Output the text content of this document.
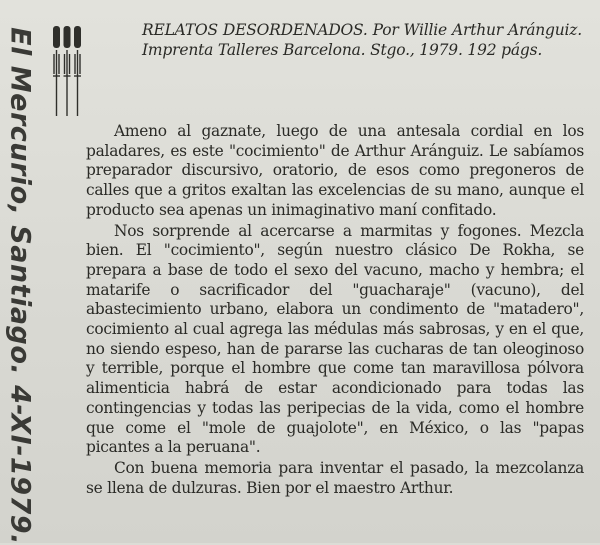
El Mercurio, Santiago. 4-XI-1979.	RELATOS DESORDENADOS. Por Willie Arthur Aránguiz. Imprenta Talleres Barcelona. Stgo., 1979. 192 págs.

Ameno al gaznate, luego de una antesala cordial en los paladares, es este "cocimiento" de Arthur Aránguiz. Le sabíamos preparador discursivo, oratorio, de esos como pregoneros de calles que a gritos exaltan las excelencias de su mano, aunque el producto sea apenas un inimaginativo maní confitado.

Nos sorprende al acercarse a marmitas y fogones. Mezcla bien. El "cocimiento", según nuestro clásico De Rokha, se prepara a base de todo el sexo del vacuno, macho y hembra; el matarife o sacrificador del "guacharaje" (vacuno), del abastecimiento urbano, elabora un condimento de "matadero", cocimiento al cual agrega las médulas más sabrosas, y en el que, no siendo espeso, han de pararse las cucharas de tan oleoginoso y terrible, porque el hombre que come tan maravillosa pólvora alimenticia habrá de estar acondicionado para todas las contingencias y todas las peripecias de la vida, como el hombre que come el "mole de guajolote", en México, o las "papas picantes a la peruana".

Con buena memoria para inventar el pasado, la mezcolanza se llena de dulzuras. Bien por el maestro Arthur.
